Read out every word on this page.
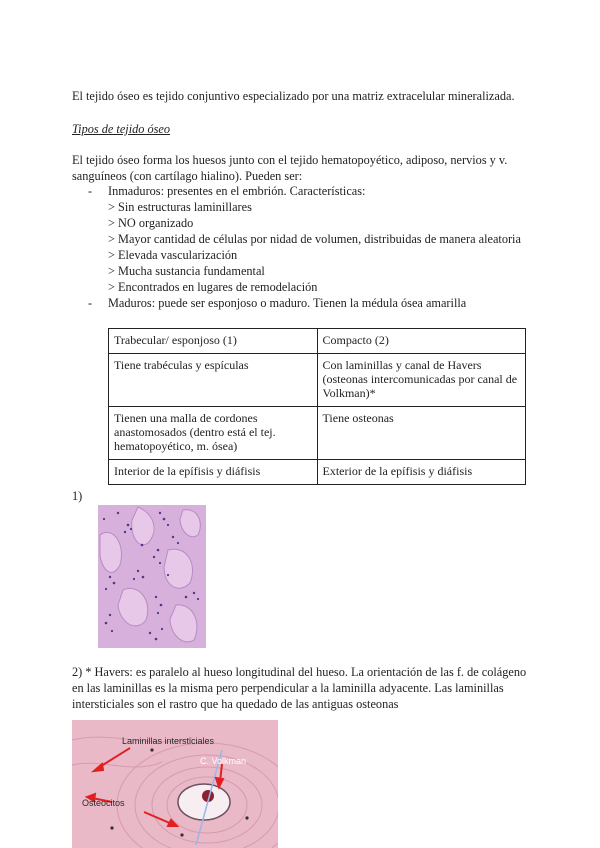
El tejido óseo es tejido conjuntivo especializado por una matriz extracelular mineralizada.

Tipos de tejido óseo

El tejido óseo forma los huesos junto con el tejido hematopoyético, adiposo, nervios y v. sanguíneos (con cartílago hialino). Pueden ser:

- Inmaduros: presentes en el embrión. Características:
> Sin estructuras laminillares
> NO organizado
> Mayor cantidad de células por nidad de volumen, distribuidas de manera aleatoria
> Elevada vascularización
> Mucha sustancia fundamental
> Encontrados en lugares de remodelación
- Maduros: puede ser esponjoso o maduro. Tienen la médula ósea amarilla
Trabecular/ esponjoso (1)	Compacto (2)
Tiene trabéculas y espículas	Con laminillas y canal de Havers (osteonas intercomunicadas por canal de Volkman)*
Tienen una malla de cordones anastomosados (dentro está el tej. hematopoyético, m. ósea)	Tiene osteonas
Interior de la epífisis y diáfisis	Exterior de la epífisis y diáfisis
1)

2) * Havers: es paralelo al hueso longitudinal del hueso. La orientación de las f. de colágeno en las laminillas es la misma pero perpendicular a la laminilla adyacente. Las laminillas intersticiales son el rastro que ha quedado de las antiguas osteonas

Laminillas intersticiales
C. Volkman
Osteocitos
